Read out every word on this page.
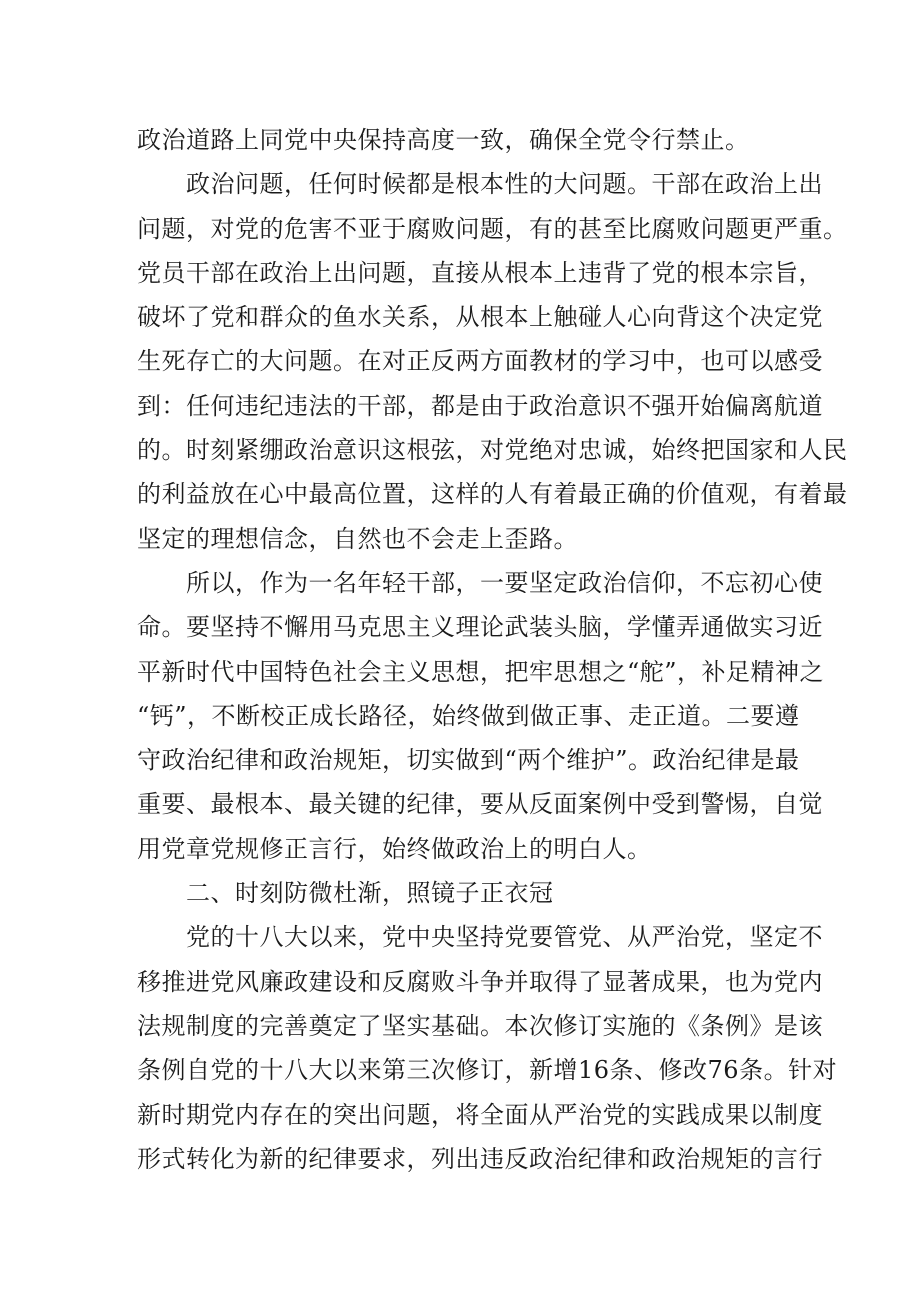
政治道路上同党中央保持高度一致，确保全党令行禁止。
政治问题，任何时候都是根本性的大问题。干部在政治上出
问题，对党的危害不亚于腐败问题，有的甚至比腐败问题更严重。
党员干部在政治上出问题，直接从根本上违背了党的根本宗旨，
破坏了党和群众的鱼水关系，从根本上触碰人心向背这个决定党
生死存亡的大问题。在对正反两方面教材的学习中，也可以感受
到：任何违纪违法的干部，都是由于政治意识不强开始偏离航道
的。时刻紧绷政治意识这根弦，对党绝对忠诚，始终把国家和人民
的利益放在心中最高位置，这样的人有着最正确的价值观，有着最
坚定的理想信念，自然也不会走上歪路。
所以，作为一名年轻干部，一要坚定政治信仰，不忘初心使
命。要坚持不懈用马克思主义理论武装头脑，学懂弄通做实习近
平新时代中国特色社会主义思想，把牢思想之“舵”，补足精神之
“钙”，不断校正成长路径，始终做到做正事、走正道。二要遵
守政治纪律和政治规矩，切实做到“两个维护”。政治纪律是最
重要、最根本、最关键的纪律，要从反面案例中受到警惕，自觉
用党章党规修正言行，始终做政治上的明白人。
二、时刻防微杜渐，照镜子正衣冠
党的十八大以来，党中央坚持党要管党、从严治党，坚定不
移推进党风廉政建设和反腐败斗争并取得了显著成果，也为党内
法规制度的完善奠定了坚实基础。本次修订实施的《条例》是该
条例自党的十八大以来第三次修订，新增16条、修改76条。针对
新时期党内存在的突出问题，将全面从严治党的实践成果以制度
形式转化为新的纪律要求，列出违反政治纪律和政治规矩的言行
